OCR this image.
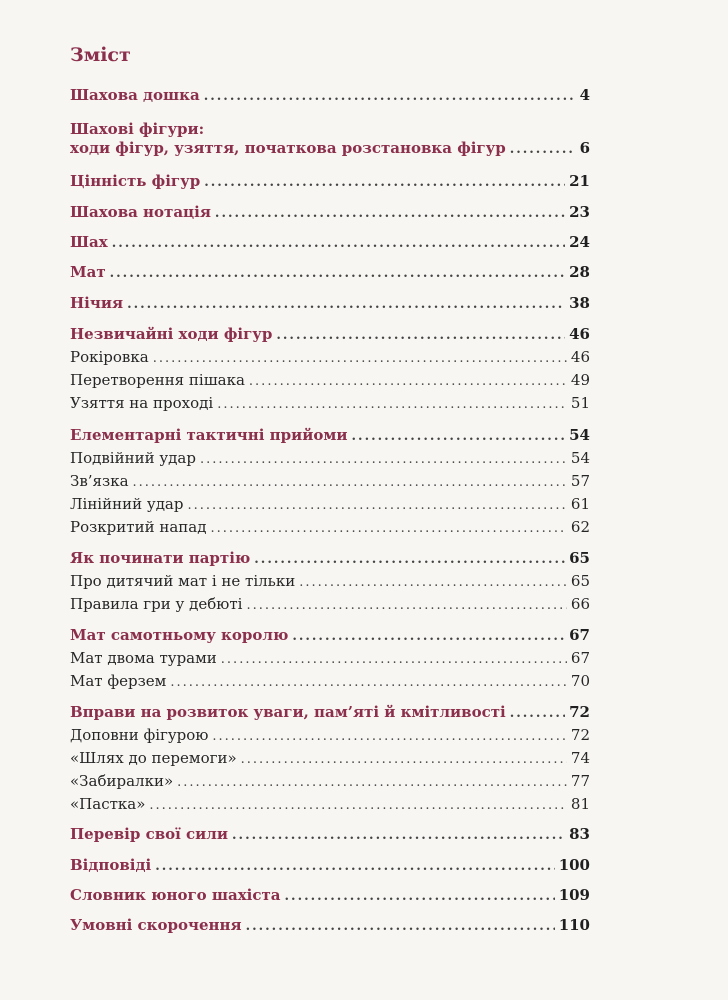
Зміст
Шахова дошка .....	4
Шахові фігури:
ходи фігур, узяття, початкова розстановка фігур .....	6
Цінність фігур .....	21
Шахова нотація .....	23
Шах .....	24
Мат .....	28
Нічия .....	38
Незвичайні ходи фігур .....	46
Рокіровка .....	46
Перетворення пішака .....	49
Узяття на проході .....	51
Елементарні тактичні прийоми .....	54
Подвійний удар .....	54
Зв’язка .....	57
Лінійний удар .....	61
Розкритий напад .....	62
Як починати партію .....	65
Про дитячий мат і не тільки .....	65
Правила гри у дебюті .....	66
Мат самотньому королю .....	67
Мат двома турами .....	67
Мат ферзем .....	70
Вправи на розвиток уваги, пам’яті й кмітливості .....	72
Доповни фігурою .....	72
«Шлях до перемоги» .....	74
«Забиралки» .....	77
«Пастка» .....	81
Перевір свої сили .....	83
Відповіді .....	100
Словник юного шахіста .....	109
Умовні скорочення .....	110
